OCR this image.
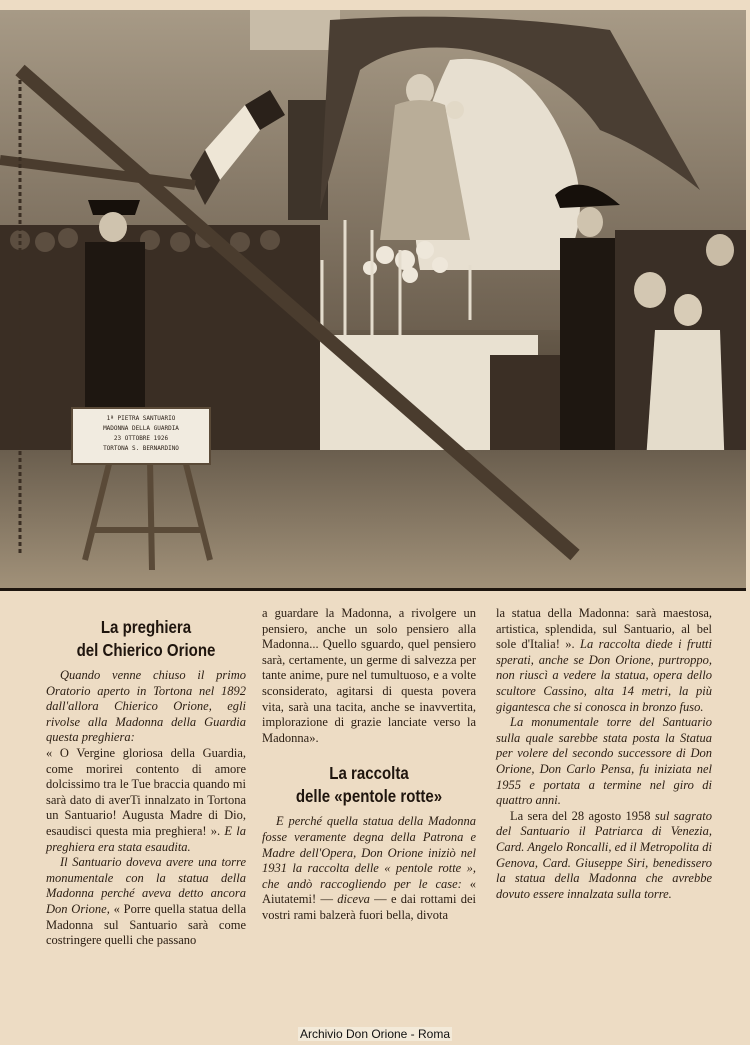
1ª PIETRA SANTUARIO
MADONNA DELLA GUARDIA
23 OTTOBRE 1926
TORTONA S. BERNARDINO
La preghiera
del Chierico Orione

Quando venne chiuso il primo Oratorio aperto in Tortona nel 1892 dall'allora Chierico Orione, egli rivolse alla Madonna della Guardia questa preghiera:

« O Vergine gloriosa della Guardia, come morirei contento di amore dolcissimo tra le Tue braccia quando mi sarà dato di averTi innalzato in Tortona un Santuario! Augusta Madre di Dio, esaudisci questa mia preghiera! ». E la preghiera era stata esaudita.

Il Santuario doveva avere una torre monumentale con la statua della Madonna perché aveva detto ancora Don Orione, « Porre quella statua della Madonna sul Santuario sarà come costringere quelli che passano

a guardare la Madonna, a rivolgere un pensiero, anche un solo pensiero alla Madonna... Quello sguardo, quel pensiero sarà, certamente, un germe di salvezza per tante anime, pure nel tumultuoso, e a volte sconsiderato, agitarsi di questa povera vita, sarà una tacita, anche se inavvertita, implorazione di grazie lanciate verso la Madonna».

La raccolta
delle «pentole rotte»

E perché quella statua della Madonna fosse veramente degna della Patrona e Madre dell'Opera, Don Orione iniziò nel 1931 la raccolta delle « pentole rotte », che andò raccogliendo per le case: « Aiutatemi! — diceva — e dai rottami dei vostri rami balzerà fuori bella, divota

la statua della Madonna: sarà maestosa, artistica, splendida, sul Santuario, al bel sole d'Italia! ». La raccolta diede i frutti sperati, anche se Don Orione, purtroppo, non riuscì a vedere la statua, opera dello scultore Cassino, alta 14 metri, la più gigantesca che si conosca in bronzo fuso.

La monumentale torre del Santuario sulla quale sarebbe stata posta la Statua per volere del secondo successore di Don Orione, Don Carlo Pensa, fu iniziata nel 1955 e portata a termine nel giro di quattro anni.

La sera del 28 agosto 1958 sul sagrato del Santuario il Patriarca di Venezia, Card. Angelo Roncalli, ed il Metropolita di Genova, Card. Giuseppe Siri, benedissero la statua della Madonna che avrebbe dovuto essere innalzata sulla torre.

Archivio Don Orione - Roma
